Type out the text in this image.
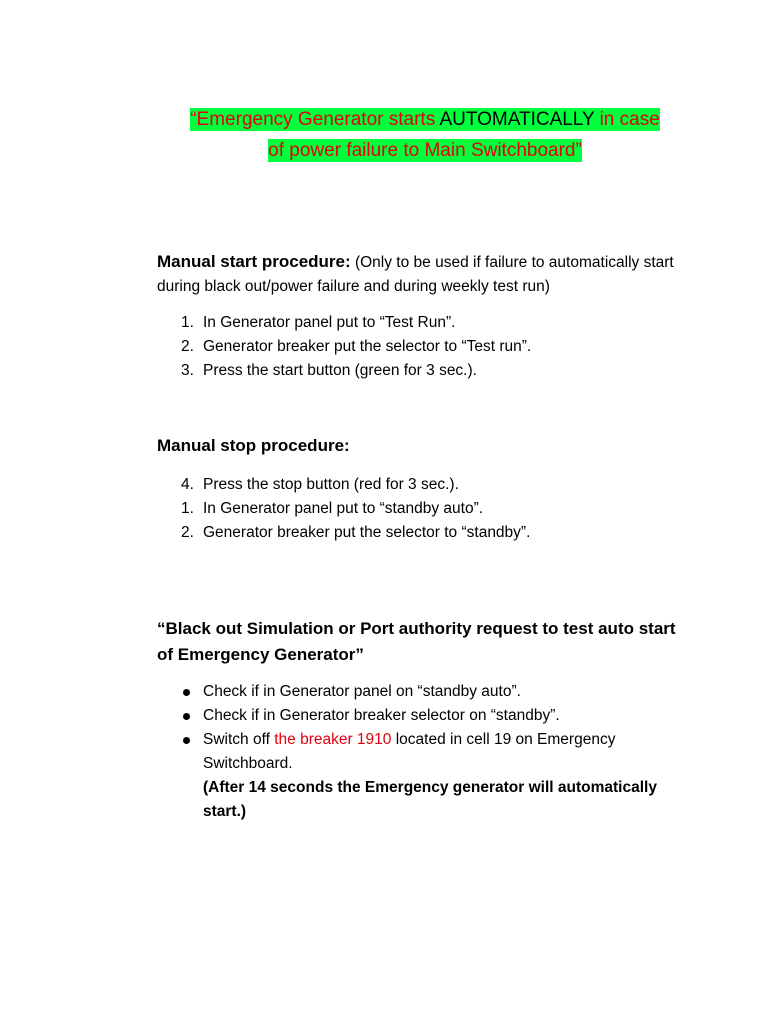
“Emergency Generator starts AUTOMATICALLY in case
of power failure to Main Switchboard”
Manual start procedure: (Only to be used if failure to automatically start during black out/power failure and during weekly test run)
1. In Generator panel put to “Test Run”.
2. Generator breaker put the selector to “Test run”.
3. Press the start button (green for 3 sec.).
Manual stop procedure:
4. Press the stop button (red for 3 sec.).
1. In Generator panel put to “standby auto”.
2. Generator breaker put the selector to “standby”.
“Black out Simulation or Port authority request to test auto start of Emergency Generator”
Check if in Generator panel on “standby auto”.
Check if in Generator breaker selector on “standby”.
Switch off the breaker 1910 located in cell 19 on Emergency Switchboard.
(After 14 seconds the Emergency generator will automatically start.)
